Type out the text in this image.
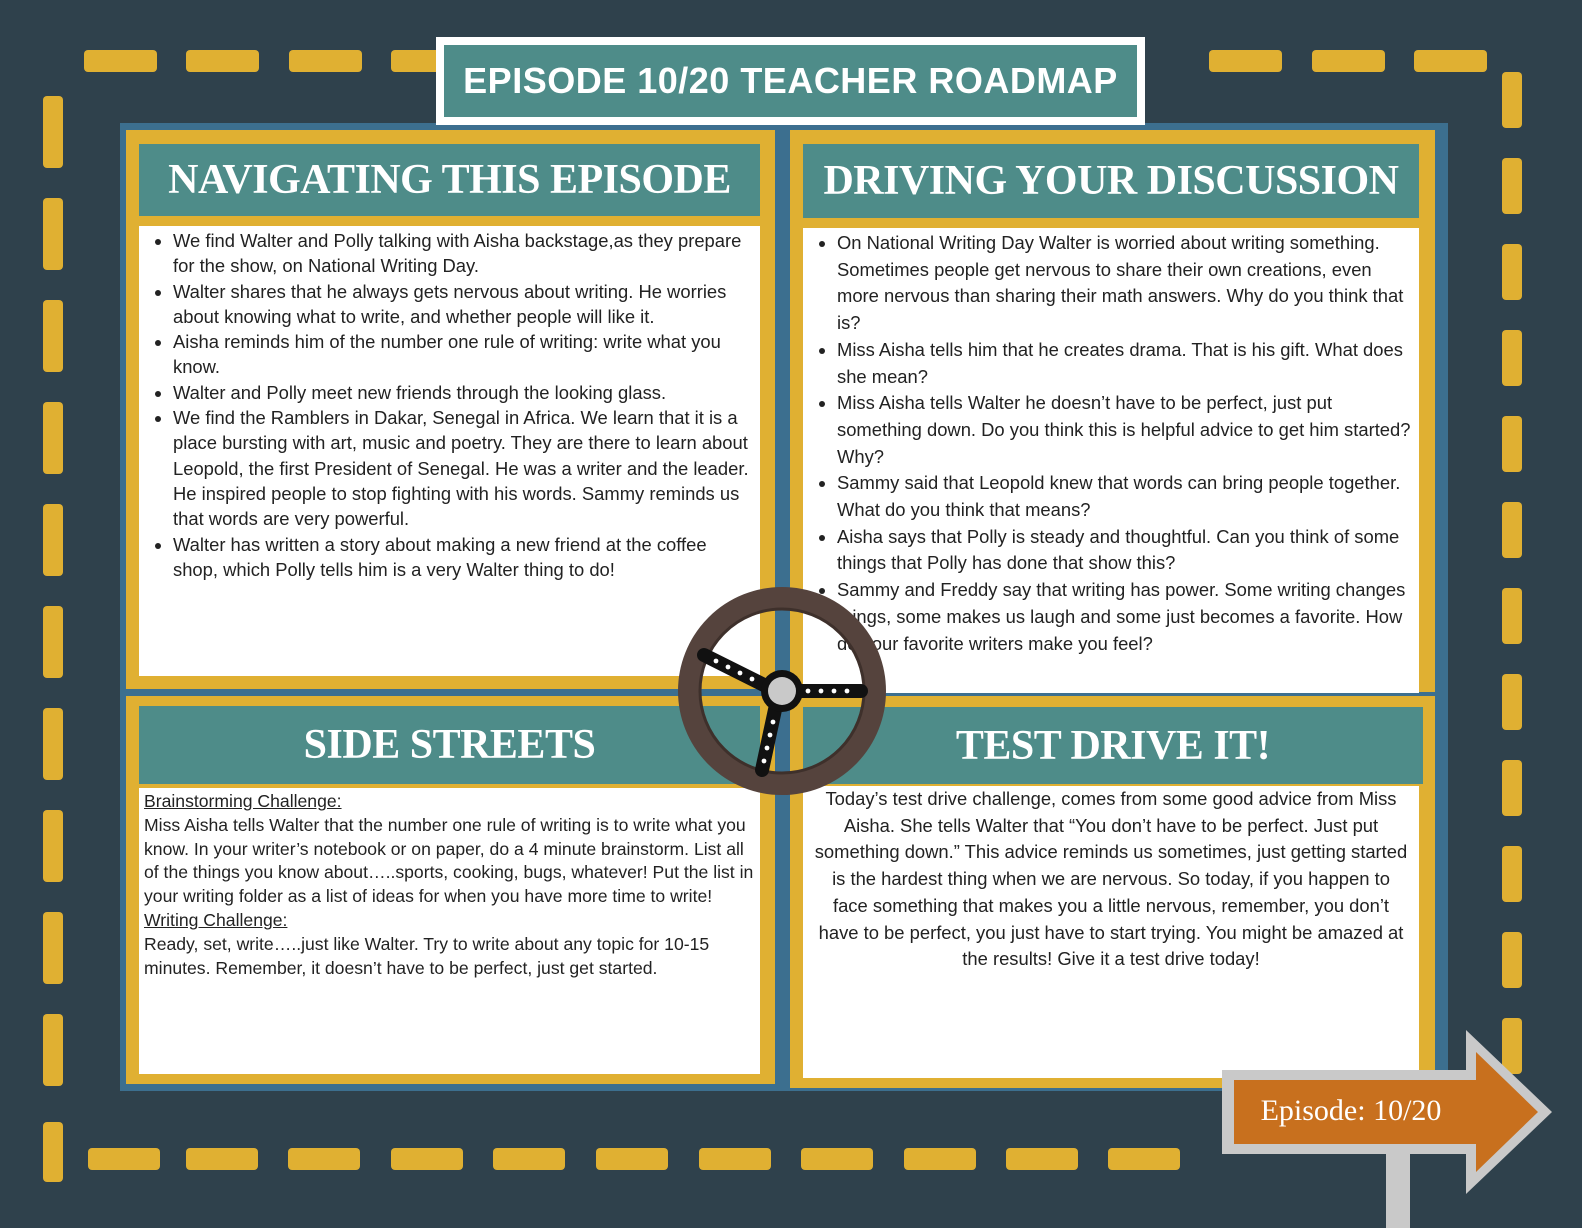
EPISODE 10/20 TEACHER ROADMAP
NAVIGATING THIS EPISODE
• We find Walter and Polly talking with Aisha backstage,as they prepare for the show, on National Writing Day.
• Walter shares that he always gets nervous about writing. He worries about knowing what to write, and whether people will like it.
• Aisha reminds him of the number one rule of writing: write what you know.
• Walter and Polly meet new friends through the looking glass.
• We find the Ramblers in Dakar, Senegal in Africa. We learn that it is a place bursting with art, music and poetry. They are there to learn about Leopold, the first President of Senegal. He was a writer and the leader. He inspired people to stop fighting with his words. Sammy reminds us that words are very powerful.
• Walter has written a story about making a new friend at the coffee shop, which Polly tells him is a very Walter thing to do!
DRIVING YOUR DISCUSSION
• On National Writing Day Walter is worried about writing something. Sometimes people get nervous to share their own creations, even more nervous than sharing their math answers. Why do you think that is?
• Miss Aisha tells him that he creates drama. That is his gift. What does she mean?
• Miss Aisha tells Walter he doesn’t have to be perfect, just put something down. Do you think this is helpful advice to get him started?Why?
• Sammy said that Leopold knew that words can bring people together. What do you think that means?
• Aisha says that Polly is steady and thoughtful. Can you think of some things that Polly has done that show this?
• Sammy and Freddy say that writing has power. Some writing changes things, some makes us laugh and some just becomes a favorite. How do your favorite writers make you feel?
SIDE STREETS
Brainstorming Challenge:
Miss Aisha tells Walter that the number one rule of writing is to write what you know. In your writer’s notebook or on paper, do a 4 minute brainstorm. List all of the things you know about…..sports, cooking, bugs, whatever! Put the list in your writing folder as a list of ideas for when you have more time to write!
Writing Challenge:
Ready, set, write…..just like Walter. Try to write about any topic for 10-15 minutes. Remember, it doesn’t have to be perfect, just get started.
TEST DRIVE IT!
Today’s test drive challenge, comes from some good advice from Miss Aisha. She tells Walter that “You don’t have to be perfect. Just put something down.” This advice reminds us sometimes, just getting started is the hardest thing when we are nervous. So today, if you happen to face something that makes you a little nervous, remember, you don’t have to be perfect, you just have to start trying. You might be amazed at the results! Give it a test drive today!
Episode: 10/20
